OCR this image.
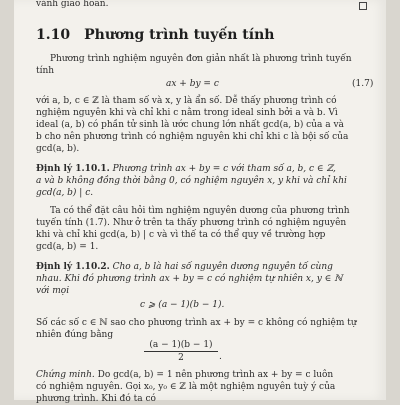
vành giao hoán.
1.10 Phương trình tuyến tính
Phương trình nghiệm nguyên đơn giản nhất là phương trình tuyến
tính
ax + by = c	(1.7)
với a, b, c ∈ ℤ là tham số và x, y là ẩn số. Dễ thấy phương trình có
nghiệm nguyên khi và chỉ khi c nằm trong ideal sinh bởi a và b. Vì
ideal (a, b) có phần tử sinh là ước chung lớn nhất gcd(a, b) của a và
b cho nên phương trình có nghiệm nguyên khi chỉ khi c là bội số của
gcd(a, b).
Định lý 1.10.1. Phương trình ax + by = c với tham số a, b, c ∈ ℤ,
a và b không đồng thời bằng 0, có nghiệm nguyên x, y khi và chỉ khi
gcd(a, b) | c.
Ta có thể đặt câu hỏi tìm nghiệm nguyên dương của phương trình
tuyến tính (1.7). Như ở trên ta thấy phương trình có nghiệm nguyên
khi và chỉ khi gcd(a, b) | c và vì thế ta có thể quy về trường hợp
gcd(a, b) = 1.
Định lý 1.10.2. Cho a, b là hai số nguyên dương nguyên tố cùng
nhau. Khi đó phương trình ax + by = c có nghiệm tự nhiên x, y ∈ ℕ
với mọi
c ⩾ (a − 1)(b − 1).
Số các số c ∈ ℕ sao cho phương trình ax + by = c không có nghiệm tự
nhiên đúng bằng
(a − 1)(b − 1)
2	.
Chứng minh. Do gcd(a, b) = 1 nên phương trình ax + by = c luôn
có nghiệm nguyên. Gọi x₀, y₀ ∈ ℤ là một nghiệm nguyên tuỳ ý của
phương trình. Khi đó ta có
